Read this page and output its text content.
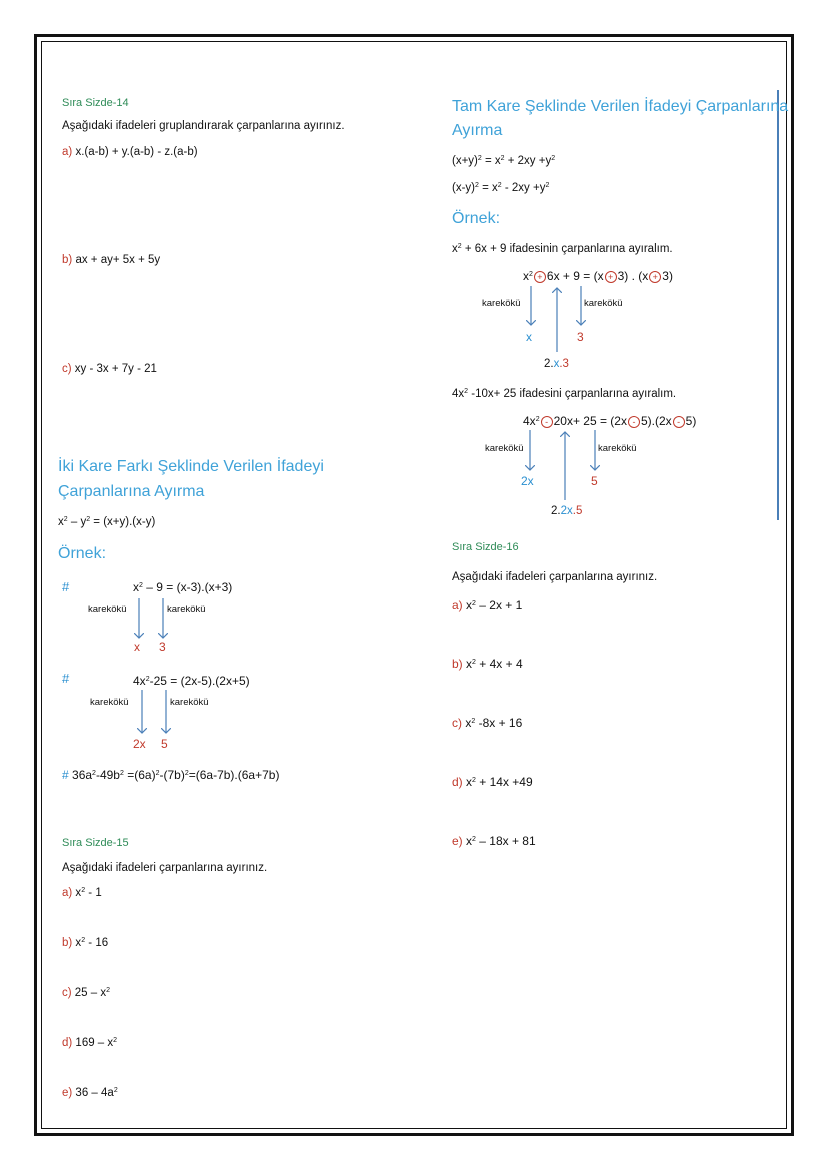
Sıra Sizde-14
Aşağıdaki ifadeleri gruplandırarak çarpanlarına ayırınız.
a) x.(a-b) + y.(a-b) - z.(a-b)
b) ax + ay+ 5x + 5y
c) xy - 3x + 7y - 21
İki Kare Farkı Şeklinde Verilen İfadeyi
Çarpanlarına Ayırma
$x^2 - y^2 = (x+y).(x-y)$
Örnek:
#	$x^2 - 9 = (x-3).(x+3)$
karekökü	karekökü
x 3
#	$4x^2-25 = (2x-5).(2x+5)$
karekökü	karekökü
2x 5
# $36a^2-49b^2 =(6a)^2-(7b)^2=(6a-7b).(6a+7b)$
Sıra Sizde-15
Aşağıdaki ifadeleri çarpanlarına ayırınız.
a) $x^2 - 1$
b) $x^2 - 16$
c) $25 - x^2$
d) $169 - x^2$
e) $36 - 4a^2$
Tam Kare Şeklinde Verilen İfadeyi Çarpanlarına
Ayırma
$(x+y)^2 = x^2 + 2xy +y^2$
$(x-y)^2 = x^2 - 2xy +y^2$
Örnek:
$x^2 + 6x + 9$ ifadesinin çarpanlarına ayıralım.
$x^2 + 6x + 9 = (x + 3)$ . (x + 3)
karekökü	karekökü
x	3
2.x.3
$4x^2$ -10x+ 25 ifadesini çarpanlarına ayıralım.
$4x^2 - 20x+ 25 = (2x - 5).(2x - 5)$
karekökü	karekökü
2x	5
2.2x.5
Sıra Sizde-16
Aşağıdaki ifadeleri çarpanlarına ayırınız.
a) $x^2 - 2x + 1$
b) $x^2 + 4x + 4$
c) $x^2$ -8x + 16
d) $x^2 + 14x +49$
e) $x^2 - 18x + 81$
